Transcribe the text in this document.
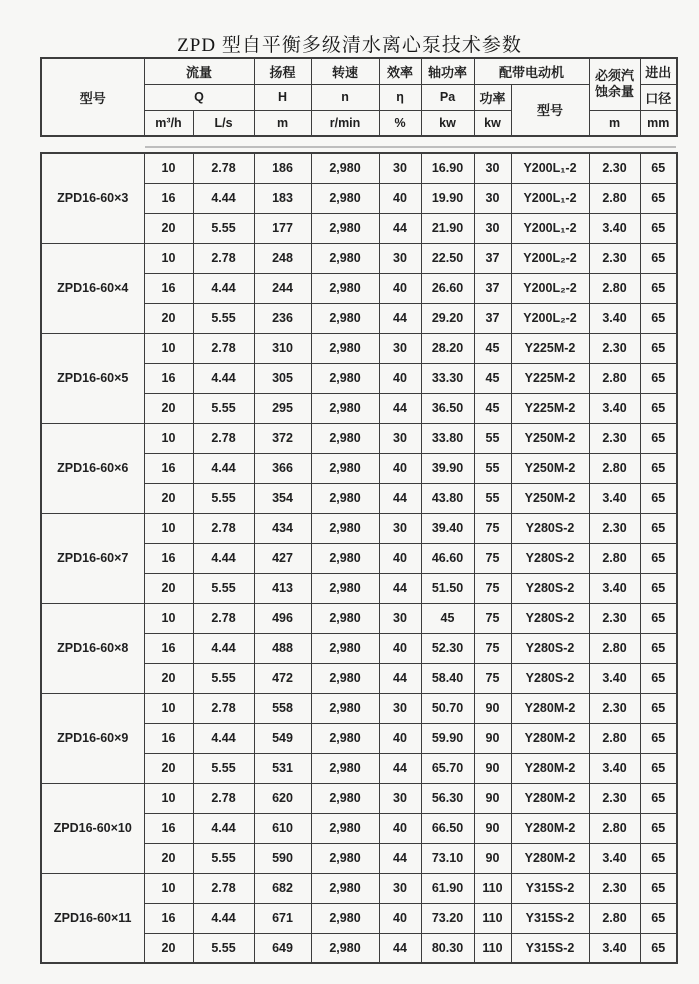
ZPD 型自平衡多级清水离心泵技术参数
型号	流量		扬程	转速	效率	轴功率	配带电动机		必须汽
蚀余量	进出
	Q		H	n	η	Pa	功率	型号		口径
	m³/h	L/s	m	r/min	%	kw	kw		m	mm
ZPD16-60×3	10	2.78	186	2,980	30	16.90	30	Y200L₁-2	2.30	65
	16	4.44	183	2,980	40	19.90	30	Y200L₁-2	2.80	65
	20	5.55	177	2,980	44	21.90	30	Y200L₁-2	3.40	65
ZPD16-60×4	10	2.78	248	2,980	30	22.50	37	Y200L₂-2	2.30	65
	16	4.44	244	2,980	40	26.60	37	Y200L₂-2	2.80	65
	20	5.55	236	2,980	44	29.20	37	Y200L₂-2	3.40	65
ZPD16-60×5	10	2.78	310	2,980	30	28.20	45	Y225M-2	2.30	65
	16	4.44	305	2,980	40	33.30	45	Y225M-2	2.80	65
	20	5.55	295	2,980	44	36.50	45	Y225M-2	3.40	65
ZPD16-60×6	10	2.78	372	2,980	30	33.80	55	Y250M-2	2.30	65
	16	4.44	366	2,980	40	39.90	55	Y250M-2	2.80	65
	20	5.55	354	2,980	44	43.80	55	Y250M-2	3.40	65
ZPD16-60×7	10	2.78	434	2,980	30	39.40	75	Y280S-2	2.30	65
	16	4.44	427	2,980	40	46.60	75	Y280S-2	2.80	65
	20	5.55	413	2,980	44	51.50	75	Y280S-2	3.40	65
ZPD16-60×8	10	2.78	496	2,980	30	45	75	Y280S-2	2.30	65
	16	4.44	488	2,980	40	52.30	75	Y280S-2	2.80	65
	20	5.55	472	2,980	44	58.40	75	Y280S-2	3.40	65
ZPD16-60×9	10	2.78	558	2,980	30	50.70	90	Y280M-2	2.30	65
	16	4.44	549	2,980	40	59.90	90	Y280M-2	2.80	65
	20	5.55	531	2,980	44	65.70	90	Y280M-2	3.40	65
ZPD16-60×10	10	2.78	620	2,980	30	56.30	90	Y280M-2	2.30	65
	16	4.44	610	2,980	40	66.50	90	Y280M-2	2.80	65
	20	5.55	590	2,980	44	73.10	90	Y280M-2	3.40	65
ZPD16-60×11	10	2.78	682	2,980	30	61.90	110	Y315S-2	2.30	65
	16	4.44	671	2,980	40	73.20	110	Y315S-2	2.80	65
	20	5.55	649	2,980	44	80.30	110	Y315S-2	3.40	65
